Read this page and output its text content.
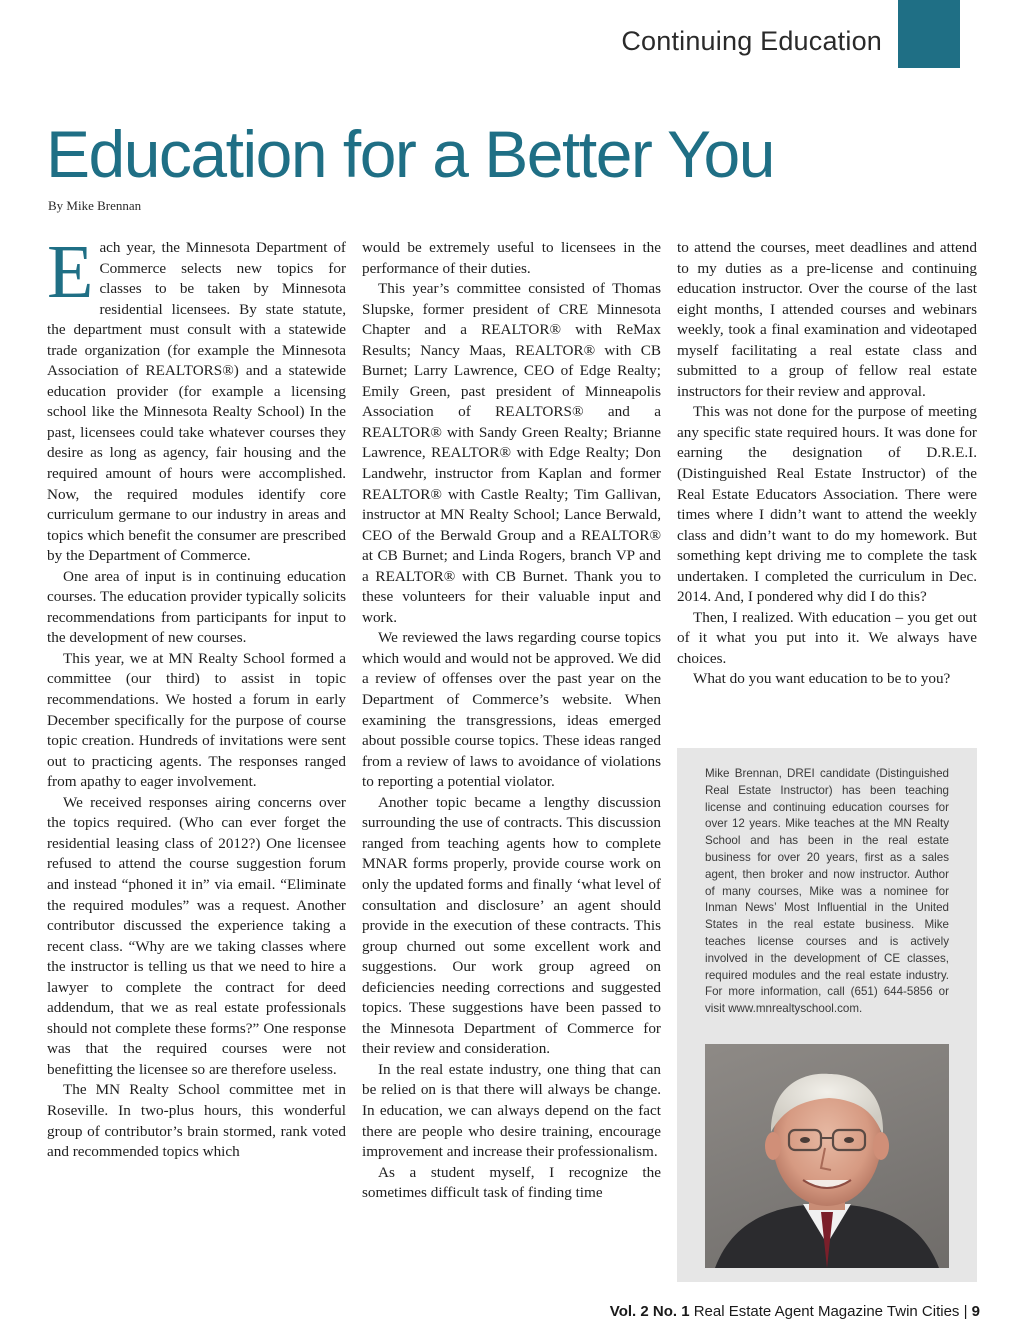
Continuing Education
Education for a Better You
By Mike Brennan
E ach year, the Minnesota Department of Commerce selects new topics for classes to be taken by Minnesota residential licensees. By state statute, the department must consult with a statewide trade organization (for example the Minnesota Association of REALTORS®) and a statewide education provider (for example a licensing school like the Minnesota Realty School) In the past, licensees could take whatever courses they desire as long as agency, fair housing and the required amount of hours were accomplished. Now, the required modules identify core curriculum germane to our industry in areas and topics which benefit the consumer are prescribed by the Department of Commerce.

One area of input is in continuing education courses. The education provider typically solicits recommendations from participants for input to the development of new courses.

This year, we at MN Realty School formed a committee (our third) to assist in topic recommendations. We hosted a forum in early December specifically for the purpose of course topic creation. Hundreds of invitations were sent out to practicing agents. The responses ranged from apathy to eager involvement.

We received responses airing concerns over the topics required. (Who can ever forget the residential leasing class of 2012?) One licensee refused to attend the course suggestion forum and instead “phoned it in” via email. “Eliminate the required modules” was a request. Another contributor discussed the experience taking a recent class. “Why are we taking classes where the instructor is telling us that we need to hire a lawyer to complete the contract for deed addendum, that we as real estate professionals should not complete these forms?” One response was that the required courses were not benefitting the licensee so are therefore useless.

The MN Realty School committee met in Roseville. In two-plus hours, this wonderful group of contributor’s brain stormed, rank voted and recommended topics which

would be extremely useful to licensees in the performance of their duties.

This year’s committee consisted of Thomas Slupske, former president of CRE Minnesota Chapter and a REALTOR® with ReMax Results; Nancy Maas, REALTOR® with CB Burnet; Larry Lawrence, CEO of Edge Realty; Emily Green, past president of Minneapolis Association of REALTORS® and a REALTOR® with Sandy Green Realty; Brianne Lawrence, REALTOR® with Edge Realty; Don Landwehr, instructor from Kaplan and former REALTOR® with Castle Realty; Tim Gallivan, instructor at MN Realty School; Lance Berwald, CEO of the Berwald Group and a REALTOR® at CB Burnet; and Linda Rogers, branch VP and a REALTOR® with CB Burnet. Thank you to these volunteers for their valuable input and work.

We reviewed the laws regarding course topics which would and would not be approved. We did a review of offenses over the past year on the Department of Commerce’s website. When examining the transgressions, ideas emerged about possible course topics. These ideas ranged from a review of laws to avoidance of violations to reporting a potential violator.

Another topic became a lengthy discussion surrounding the use of contracts. This discussion ranged from teaching agents how to complete MNAR forms properly, provide course work on only the updated forms and finally ‘what level of consultation and disclosure’ an agent should provide in the execution of these contracts. This group churned out some excellent work and suggestions. Our work group agreed on deficiencies needing corrections and suggested topics. These suggestions have been passed to the Minnesota Department of Commerce for their review and consideration.

In the real estate industry, one thing that can be relied on is that there will always be change. In education, we can always depend on the fact there are people who desire training, encourage improvement and increase their professionalism.

As a student myself, I recognize the sometimes difficult task of finding time

to attend the courses, meet deadlines and attend to my duties as a pre-license and continuing education instructor. Over the course of the last eight months, I attended courses and webinars weekly, took a final examination and videotaped myself facilitating a real estate class and submitted to a group of fellow real estate instructors for their review and approval.

This was not done for the purpose of meeting any specific state required hours. It was done for earning the designation of D.R.E.I. (Distinguished Real Estate Instructor) of the Real Estate Educators Association. There were times where I didn’t want to attend the weekly class and didn’t want to do my homework. But something kept driving me to complete the task undertaken. I completed the curriculum in Dec. 2014. And, I pondered why did I do this?

Then, I realized. With education – you get out of it what you put into it. We always have choices.

What do you want education to be to you?

Mike Brennan, DREI candidate (Distinguished Real Estate Instructor) has been teaching license and continuing education courses for over 12 years. Mike teaches at the MN Realty School and has been in the real estate business for over 20 years, first as a sales agent, then broker and now instructor. Author of many courses, Mike was a nominee for Inman News’ Most Influential in the United States in the real estate business. Mike teaches license courses and is actively involved in the development of CE classes, required modules and the real estate industry. For more information, call (651) 644-5856 or visit www.mnrealtyschool.com.
Vol. 2 No. 1 Real Estate Agent Magazine Twin Cities | 9
